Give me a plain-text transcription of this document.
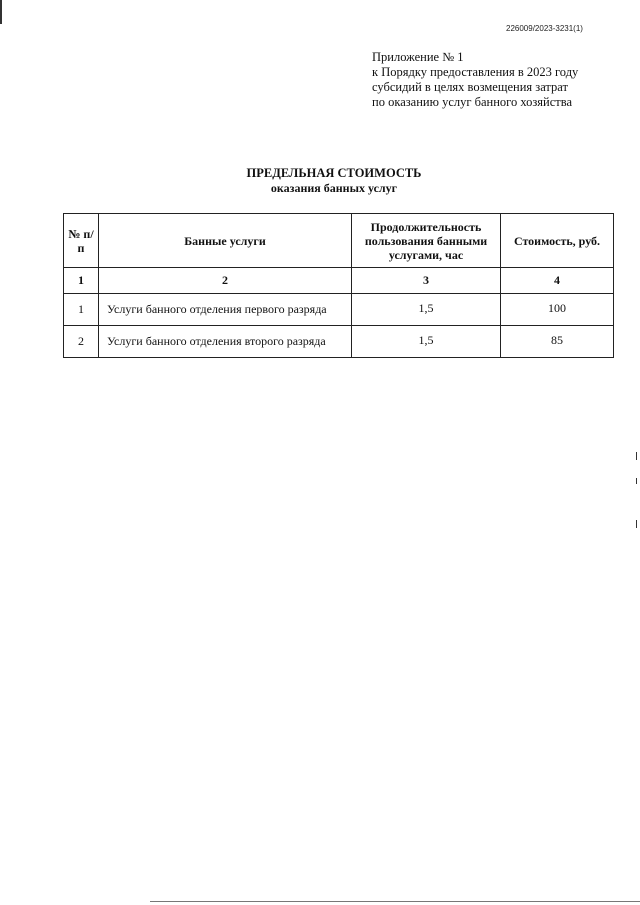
226009/2023-3231(1)
Приложение № 1
к Порядку предоставления в 2023 году
субсидий в целях возмещения затрат
по оказанию услуг банного хозяйства
ПРЕДЕЛЬНАЯ СТОИМОСТЬ
оказания банных услуг
№ п/п	Банные услуги	Продолжительность пользования банными услугами, час	Стоимость, руб.
1	2	3	4
1	Услуги банного отделения первого разряда	1,5	100
2	Услуги банного отделения второго разряда	1,5	85
